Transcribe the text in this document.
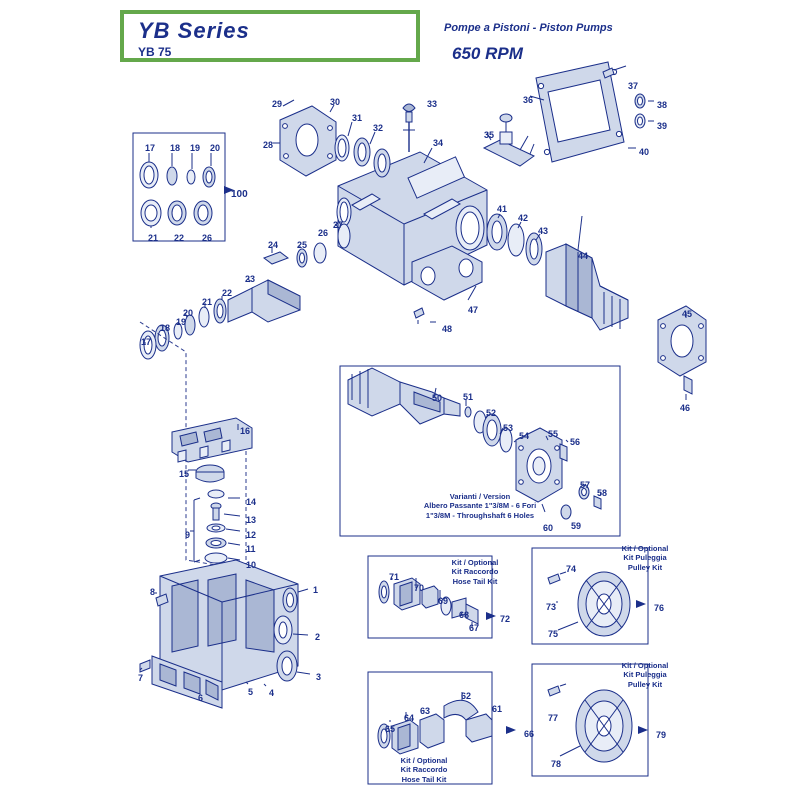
YB Series
YB 75
Pompe a Pistoni - Piston Pumps
650 RPM
Varianti / Version
Albero Passante 1"3/8M - 6 Fori
1"3/8M - Throughshaft 6 Holes
Kit / Optional
Kit Raccordo
Hose Tail Kit
Kit / Optional
Kit Raccordo
Hose Tail Kit
Kit / Optional
Kit Puleggia
Pulley Kit
Kit / Optional
Kit Puleggia
Pulley Kit
29	30
31
33	36
37
38
39
40
28
32
34
35
17 18 19 20
100
21 22 26
27
41
42
43
44
24 25
26
23
22
21
20
19
18
17
45
46
47
48
50 51
52
53
54 55
56
57
58
59
60
16
15
14
13
12
11
10
9
8	1
2
3
4
5
6
7
71
70
69
68
67
72
74
73
75
76
65
64
63
62
61
66
77
78
79
